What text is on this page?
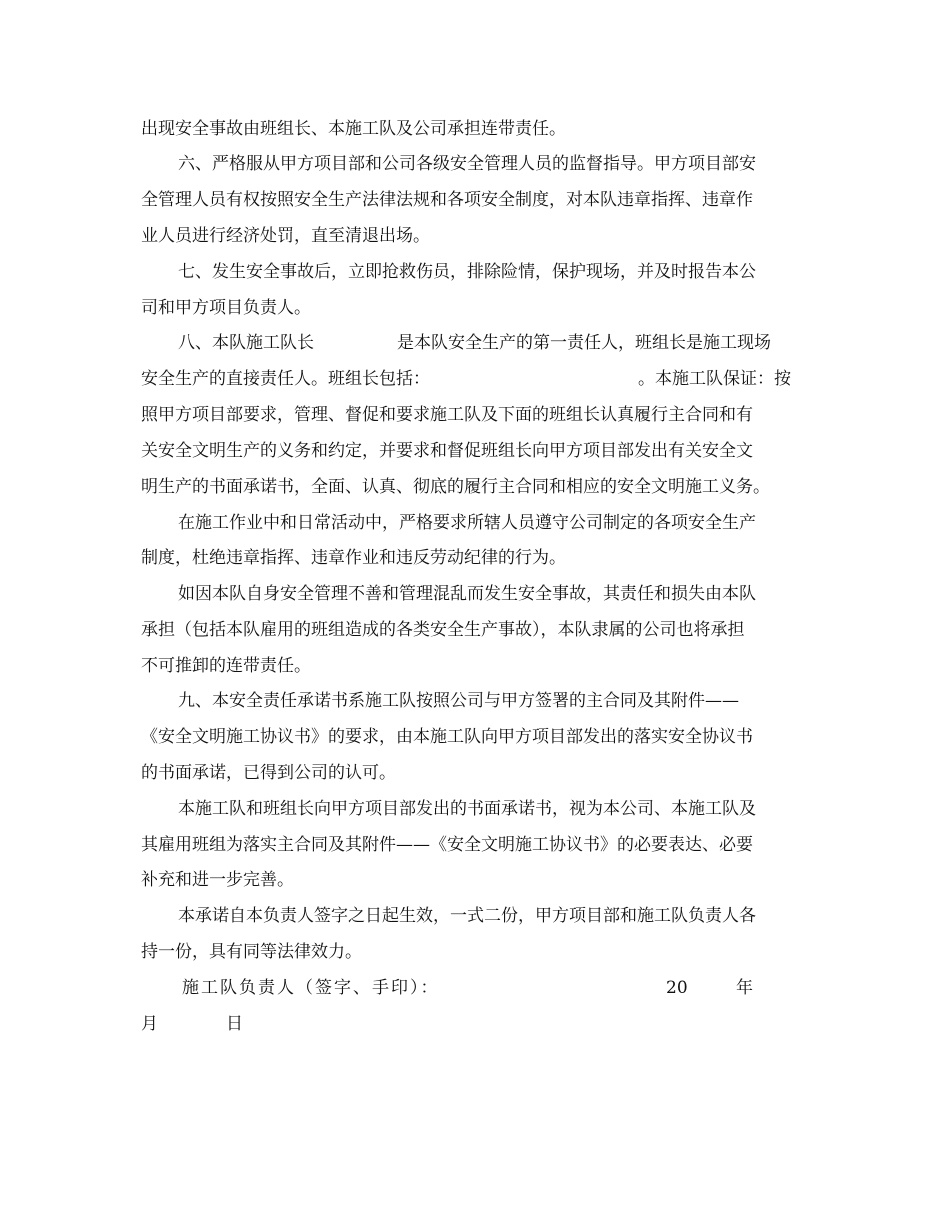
出现安全事故由班组长、本施工队及公司承担连带责任。
六、严格服从甲方项目部和公司各级安全管理人员的监督指导。甲方项目部安
全管理人员有权按照安全生产法律法规和各项安全制度，对本队违章指挥、违章作
业人员进行经济处罚，直至清退出场。
七、发生安全事故后，立即抢救伤员，排除险情，保护现场，并及时报告本公
司和甲方项目负责人。
八、本队施工队长	是本队安全生产的第一责任人，班组长是施工现场
安全生产的直接责任人。班组长包括：	。本施工队保证：按
照甲方项目部要求，管理、督促和要求施工队及下面的班组长认真履行主合同和有
关安全文明生产的义务和约定，并要求和督促班组长向甲方项目部发出有关安全文
明生产的书面承诺书，全面、认真、彻底的履行主合同和相应的安全文明施工义务。
在施工作业中和日常活动中，严格要求所辖人员遵守公司制定的各项安全生产
制度，杜绝违章指挥、违章作业和违反劳动纪律的行为。
如因本队自身安全管理不善和管理混乱而发生安全事故，其责任和损失由本队
承担（包括本队雇用的班组造成的各类安全生产事故），本队隶属的公司也将承担
不可推卸的连带责任。
九、本安全责任承诺书系施工队按照公司与甲方签署的主合同及其附件——
《安全文明施工协议书》的要求，由本施工队向甲方项目部发出的落实安全协议书
的书面承诺，已得到公司的认可。
本施工队和班组长向甲方项目部发出的书面承诺书，视为本公司、本施工队及
其雇用班组为落实主合同及其附件——《安全文明施工协议书》的必要表达、必要
补充和进一步完善。
本承诺自本负责人签字之日起生效，一式二份，甲方项目部和施工队负责人各
持一份，具有同等法律效力。
施工队负责人（签字、手印）：	20	年
月	日
